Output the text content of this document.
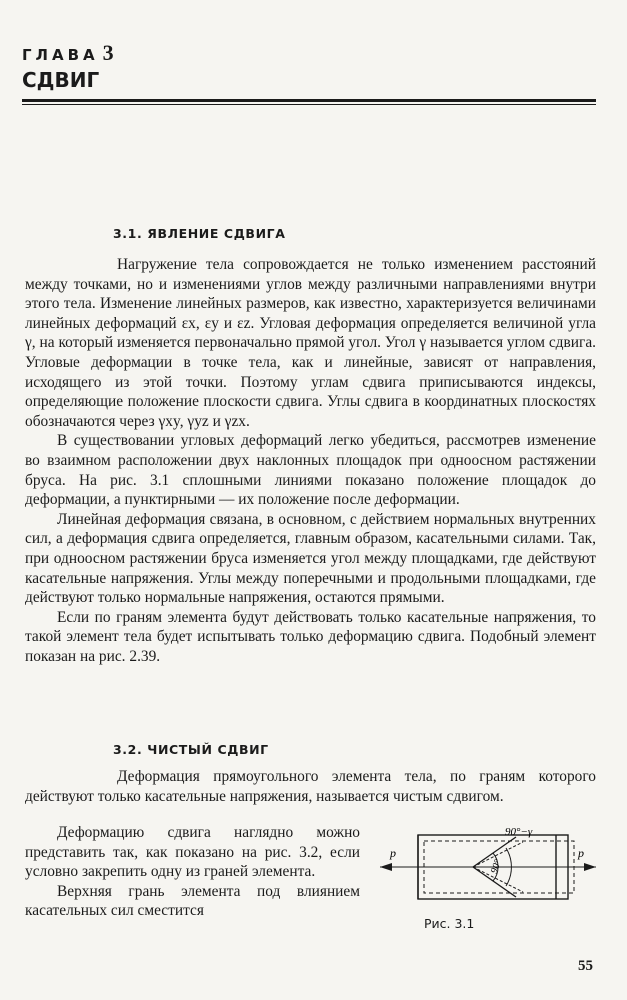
ГЛАВА 3
СДВИГ
3.1. ЯВЛЕНИЕ СДВИГА

Нагружение тела сопровождается не только изменением расстояний между точками, но и изменениями углов между различными направлениями внутри этого тела. Изменение линейных размеров, как известно, характеризуется величинами линейных деформаций εx, εy и εz. Угловая деформация определяется величиной угла γ, на который изменяется первоначально прямой угол. Угол γ называется углом сдвига. Угловые деформации в точке тела, как и линейные, зависят от направления, исходящего из этой точки. Поэтому углам сдвига приписываются индексы, определяющие положение плоскости сдвига. Углы сдвига в координатных плоскостях обозначаются через γxy, γyz и γzx.

В существовании угловых деформаций легко убедиться, рассмотрев изменение во взаимном расположении двух наклонных площадок при одноосном растяжении бруса. На рис. 3.1 сплошными линиями показано положение площадок до деформации, а пунктирными — их положение после деформации.

Линейная деформация связана, в основном, с действием нормальных внутренних сил, а деформация сдвига определяется, главным образом, касательными силами. Так, при одноосном растяжении бруса изменяется угол между площадками, где действуют касательные напряжения. Углы между поперечными и продольными площадками, где действуют только нормальные напряжения, остаются прямыми.

Если по граням элемента будут действовать только касательные напряжения, то такой элемент тела будет испытывать только деформацию сдвига. Подобный элемент показан на рис. 2.39.

3.2. ЧИСТЫЙ СДВИГ

Деформация прямоугольного элемента тела, по граням которого действуют только касательные напряжения, называется чистым сдвигом.

Деформацию сдвига наглядно можно представить так, как показано на рис. 3.2, если условно закрепить одну из граней элемента.

Верхняя грань элемента под влиянием касательных сил сместится

p	p
90°
90°−γ
Рис. 3.1
55
